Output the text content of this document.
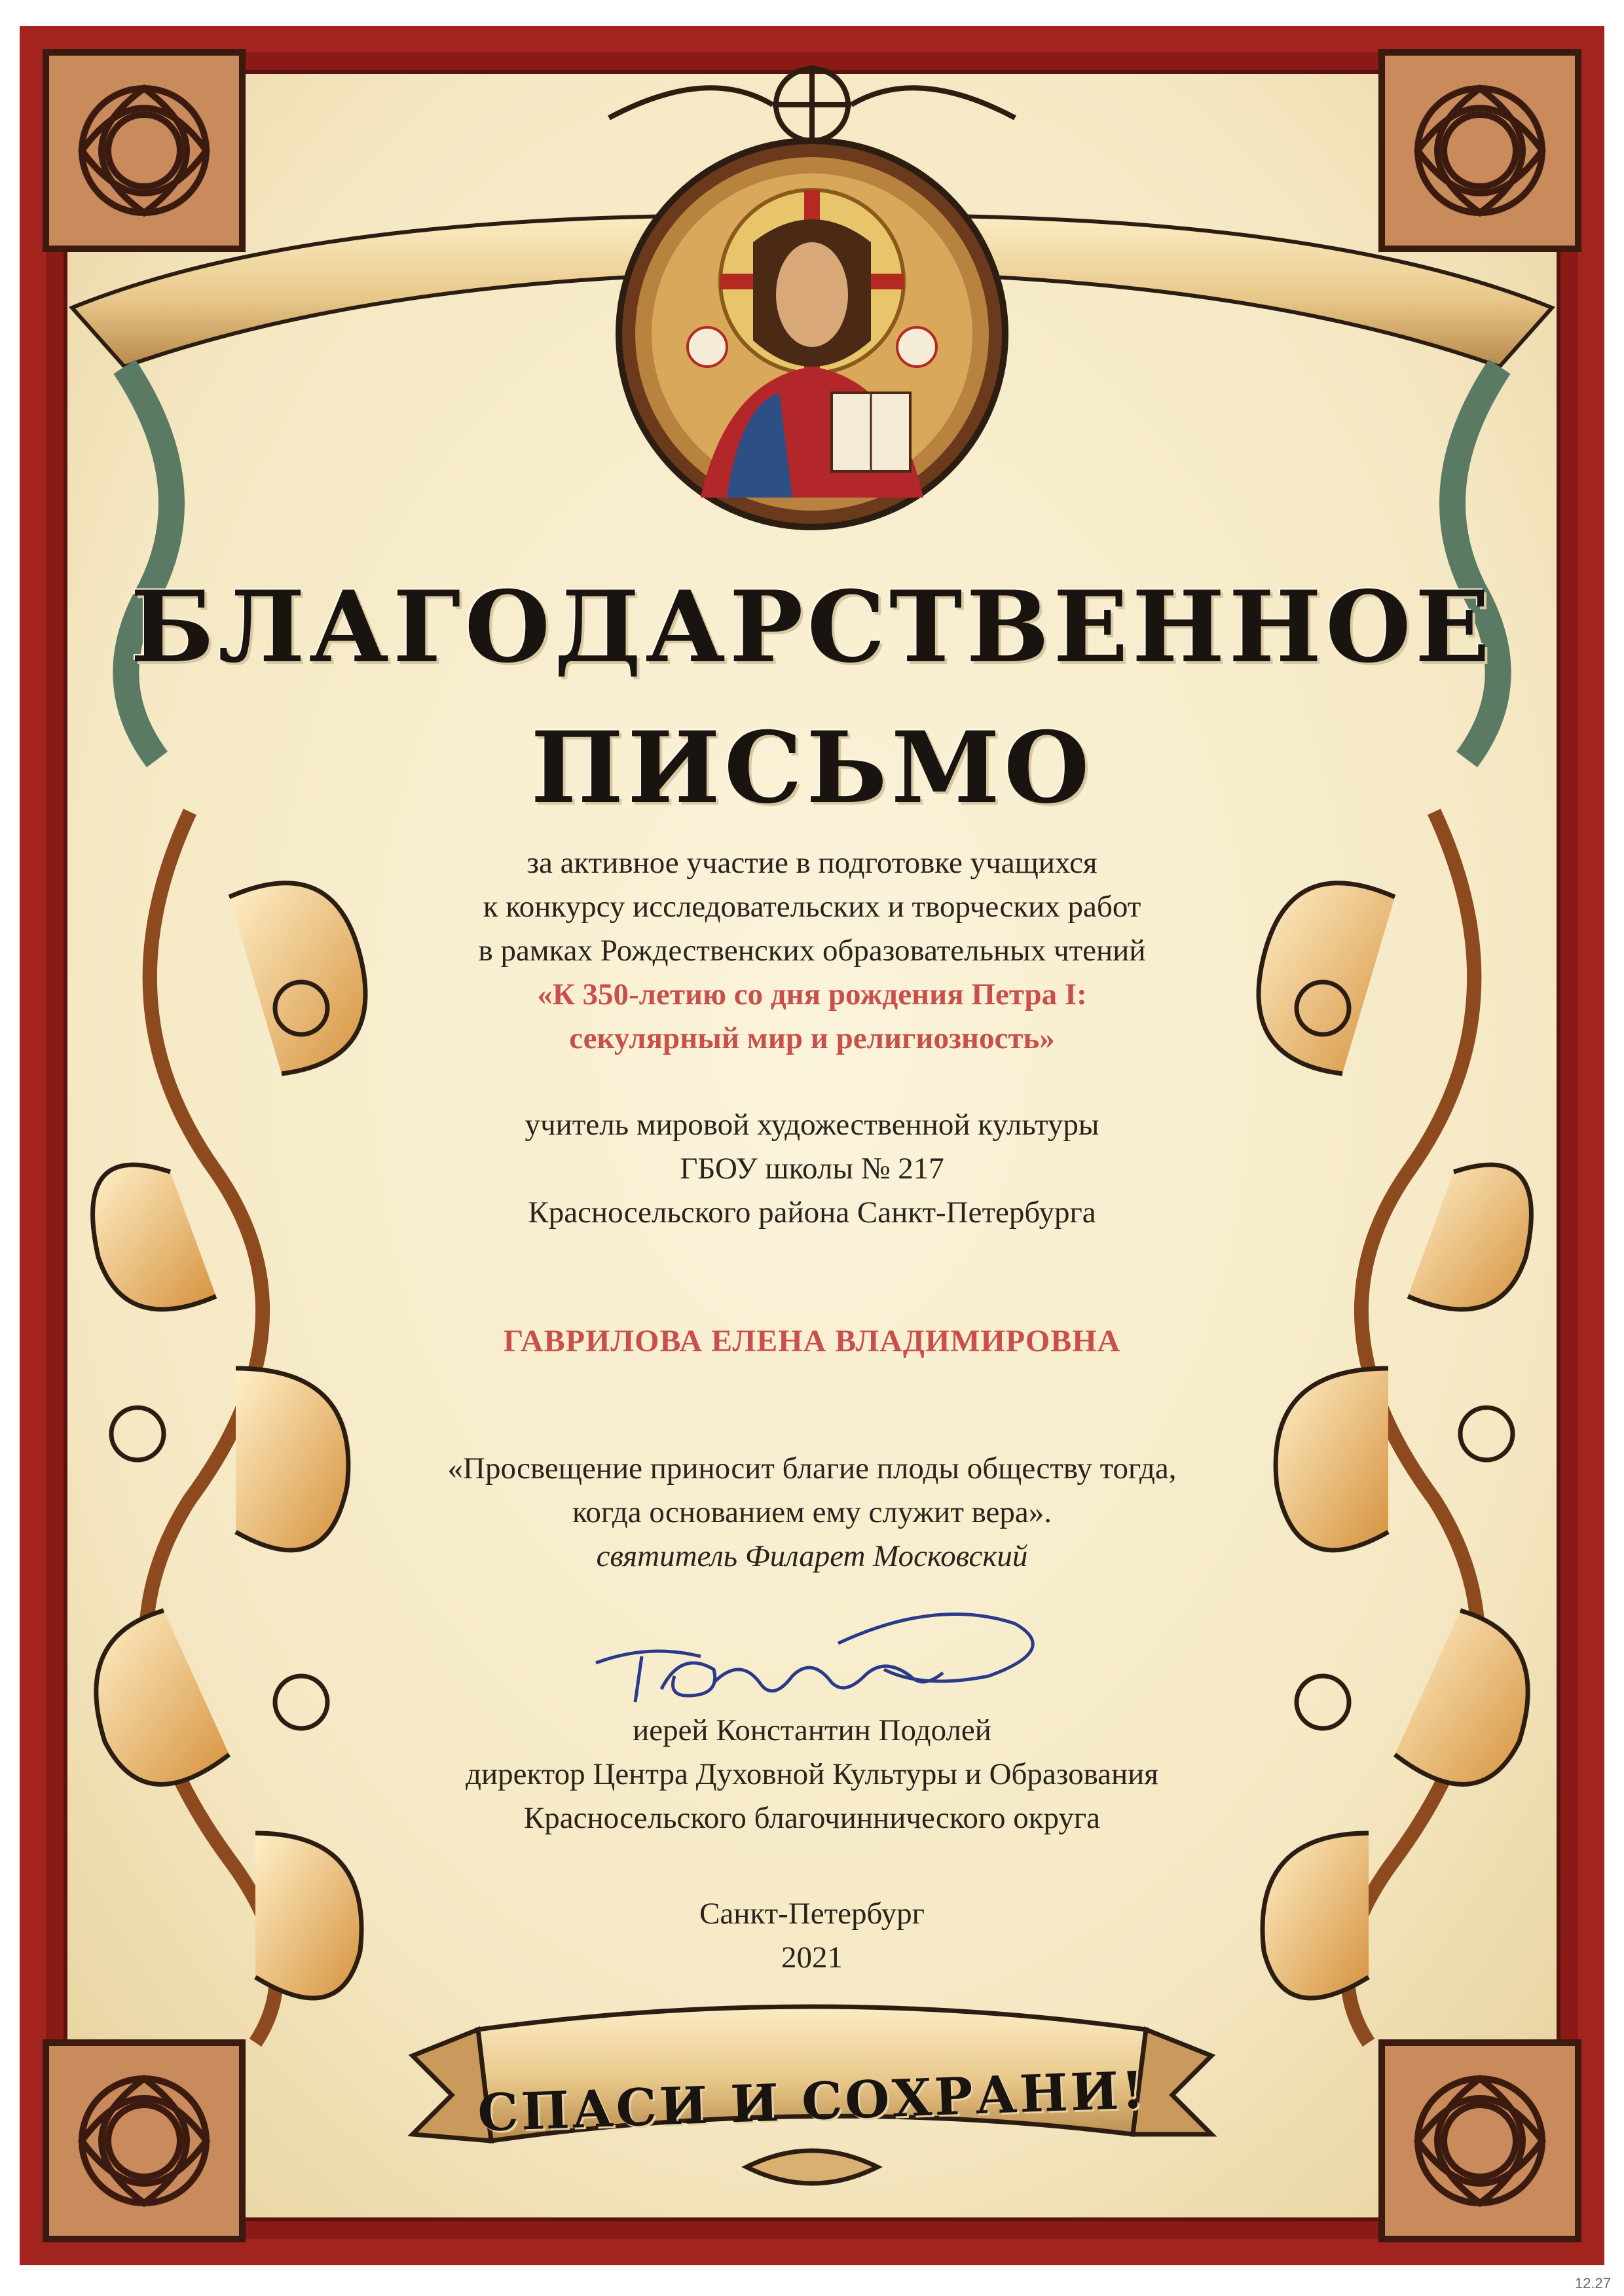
БЛАГОДАРСТВЕННОЕ
ПИСЬМО
за активное участие в подготовке учащихся
к конкурсу исследовательских и творческих работ
в рамках Рождественских образовательных чтений
«К 350-летию со дня рождения Петра I:
секулярный мир и религиозность»
учитель мировой художественной культуры
ГБОУ школы № 217
Красносельского района Санкт-Петербурга
ГАВРИЛОВА ЕЛЕНА ВЛАДИМИРОВНА
«Просвещение приносит благие плоды обществу тогда,
когда основанием ему служит вера».
святитель Филарет Московский
иерей Константин Подолей
директор Центра Духовной Культуры и Образования
Красносельского благочиннического округа
Санкт-Петербург
2021
СПАСИ И СОХРАНИ!
12.27
